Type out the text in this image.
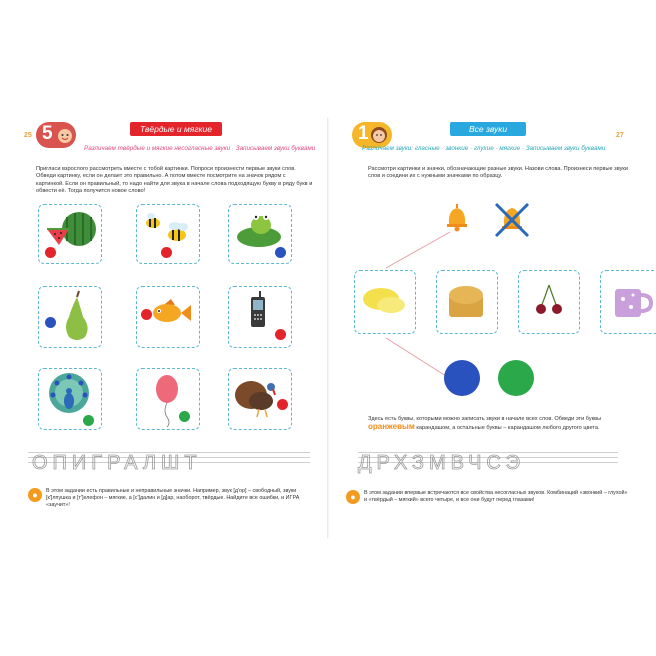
25 5	Твёрдые и мягкие
Различаем твёрдые и мягкие несогласные звуки · Записываем звуки буквами
Пригласи взрослого рассмотреть вместе с тобой картинки. Попроси произнести первые звуки слов. Обведи картинку, если он делает это правильно. А потом вместе посмотрите на значок рядом с картинкой. Если он правильный, то надо найти для звука в начале слова подходящую букву в ряду букв и обвести её. Тогда получится новое слово!
ОПИГРАЛШТ
●	В этом задании есть правильные и неправильные значки. Например, звук [д'ор] – свободный, звуки [к']лпушка и [т']елефон – мягкие, а [с']далин и [д]ар, наоборот, твёрдые. Найдите все ошибки, и ИГРА «заучит»!
27
1	Все звуки
Различаем звуки: гласные · звонкие · глухие · мягкие · Записываем звуки буквами
Рассмотри картинки и значки, обозначающие разные звуки. Назови слова. Произнеси первые звуки слов и соедини их с нужными значками по образцу.
Здесь есть буквы, которыми можно записать звуки в начале всех слов. Обведи эти буквы оранжевым карандашом, а остальные буквы – карандашом любого другого цвета.
ДРХЗМВЧСЭ
●	В этом задании впервые встречаются все свойства несогласных звуков. Комбинаций «звонкий – глухой» и «твёрдый – мягкий» всего четыре, и все они будут перед глазами!
